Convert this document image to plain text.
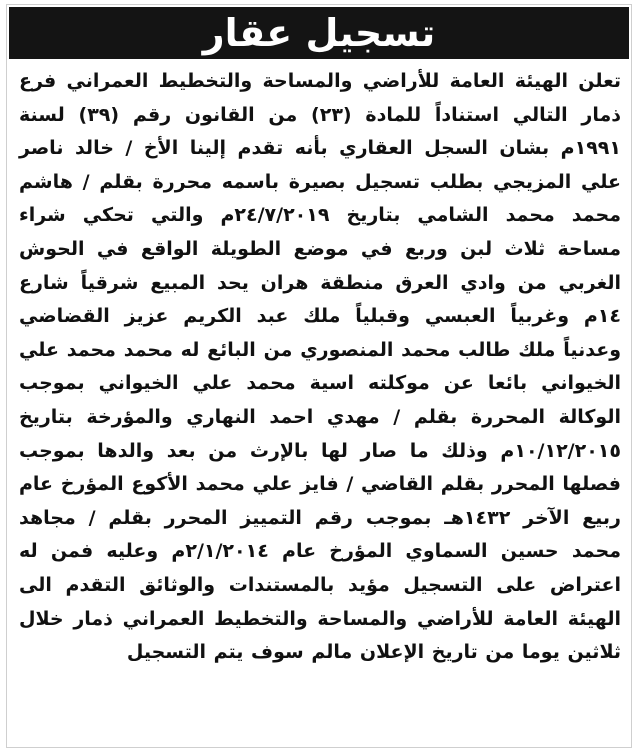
تسجيل عقار
تعلن الهيئة العامة للأراضي والمساحة والتخطيط العمراني فرع ذمار التالي استناداً للمادة (٢٣) من القانون رقم (٣٩) لسنة ١٩٩١م بشان السجل العقاري بأنه تقدم إلينا الأخ / خالد ناصر علي المزيجي بطلب تسجيل بصيرة باسمه محررة بقلم / هاشم محمد محمد الشامي بتاريخ ٢٤/٧/٢٠١٩م والتي تحكي شراء مساحة ثلاث لبن وربع في موضع الطويلة الواقع في الحوش الغربي من وادي العرق منطقة هران يحد المبيع شرقياً شارع ١٤م وغربياً العبسي وقبلياً ملك عبد الكريم عزيز القضاضي وعدنياً ملك طالب محمد المنصوري من البائع له محمد محمد علي الخيواني بائعا عن موكلته اسية محمد علي الخيواني بموجب الوكالة المحررة بقلم / مهدي احمد النهاري والمؤرخة بتاريخ ١٠/١٢/٢٠١٥م وذلك ما صار لها بالإرث من بعد والدها بموجب فصلها المحرر بقلم القاضي / فايز علي محمد الأكوع المؤرخ عام ربيع الآخر ١٤٣٢هـ بموجب رقم التمييز المحرر بقلم / مجاهد محمد حسين السماوي المؤرخ عام ٢/١/٢٠١٤م وعليه فمن له اعتراض على التسجيل مؤيد بالمستندات والوثائق التقدم الى الهيئة العامة للأراضي والمساحة والتخطيط العمراني ذمار خلال ثلاثين يوما من تاريخ الإعلان مالم سوف يتم التسجيل
